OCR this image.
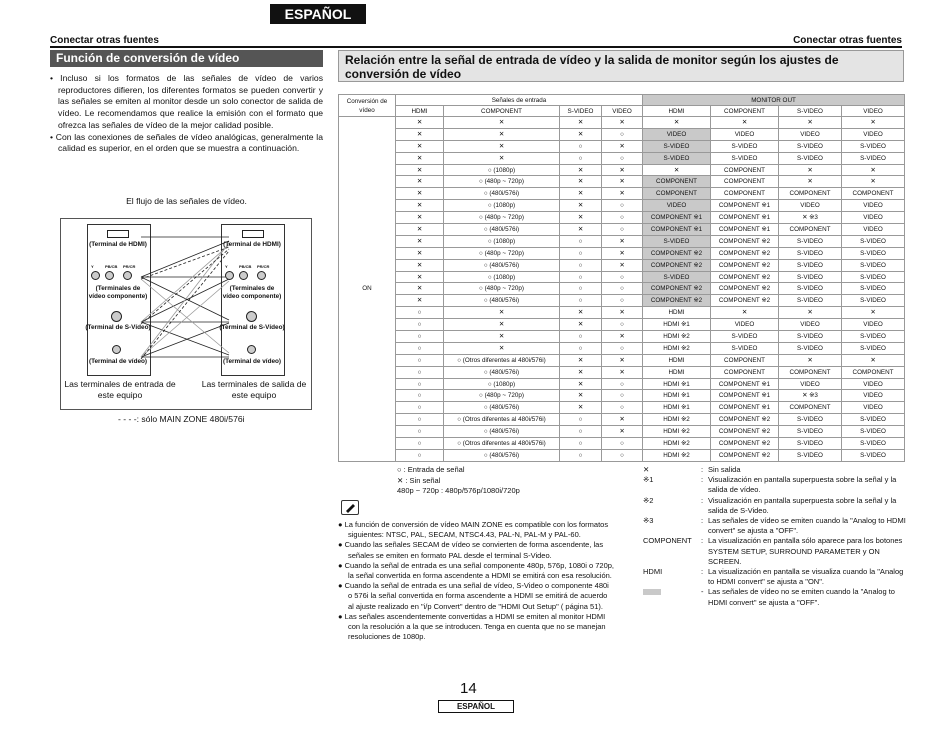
ESPAÑOL
Conectar otras fuentes	Conectar otras fuentes
Función de conversión de vídeo

• Incluso si los formatos de las señales de vídeo de varios reproductores difieren, los diferentes formatos se pueden convertir y las señales se emiten al monitor desde un solo conector de salida de vídeo. Le recomendamos que realice la emisión con el formato que ofrezca las señales de vídeo de la mejor calidad posible.

• Con las conexiones de señales de vídeo analógicas, generalmente la calidad es superior, en el orden que se muestra a continuación.

El flujo de las señales de vídeo.
(Terminal de HDMI)
Y	PB/CB PR/CR
(Terminales de vídeo componente)
(Terminal de S-Vídeo)
(Terminal de vídeo)
(Terminal de HDMI)
Y	PB/CB PR/CR
(Terminales de vídeo componente)
(Terminal de S-Vídeo)
(Terminal de vídeo)
Las terminales de entrada de este equipo
Las terminales de salida de este equipo
- - - -: sólo MAIN ZONE 480i/576i
Relación entre la señal de entrada de vídeo y la salida de monitor según los ajustes de conversión de vídeo
Conversión de vídeo	Señales de entrada				MONITOR OUT			
	HDMI	COMPONENT	S-VIDEO	VIDEO	HDMI	COMPONENT	S-VIDEO	VIDEO
ON	✕	✕	✕	✕	✕	✕	✕	✕
	✕	✕	✕	○	VIDEO	VIDEO	VIDEO	VIDEO
	✕	✕	○	✕	S-VIDEO	S-VIDEO	S-VIDEO	S-VIDEO
	✕	✕	○	○	S-VIDEO	S-VIDEO	S-VIDEO	S-VIDEO
	✕	○ (1080p)	✕	✕	✕	COMPONENT	✕	✕
	✕	○ (480p ~ 720p)	✕	✕	COMPONENT	COMPONENT	✕	✕
	✕	○ (480i/576i)	✕	✕	COMPONENT	COMPONENT	COMPONENT	COMPONENT
	✕	○ (1080p)	✕	○	VIDEO	COMPONENT ※1	VIDEO	VIDEO
	✕	○ (480p ~ 720p)	✕	○	COMPONENT ※1	COMPONENT ※1	✕ ※3	VIDEO
	✕	○ (480i/576i)	✕	○	COMPONENT ※1	COMPONENT ※1	COMPONENT	VIDEO
	✕	○ (1080p)	○	✕	S-VIDEO	COMPONENT ※2	S-VIDEO	S-VIDEO
	✕	○ (480p ~ 720p)	○	✕	COMPONENT ※2	COMPONENT ※2	S-VIDEO	S-VIDEO
	✕	○ (480i/576i)	○	✕	COMPONENT ※2	COMPONENT ※2	S-VIDEO	S-VIDEO
	✕	○ (1080p)	○	○	S-VIDEO	COMPONENT ※2	S-VIDEO	S-VIDEO
	✕	○ (480p ~ 720p)	○	○	COMPONENT ※2	COMPONENT ※2	S-VIDEO	S-VIDEO
	✕	○ (480i/576i)	○	○	COMPONENT ※2	COMPONENT ※2	S-VIDEO	S-VIDEO
	○	✕	✕	✕	HDMI	✕	✕	✕
	○	✕	✕	○	HDMI ※1	VIDEO	VIDEO	VIDEO
	○	✕	○	✕	HDMI ※2	S-VIDEO	S-VIDEO	S-VIDEO
	○	✕	○	○	HDMI ※2	S-VIDEO	S-VIDEO	S-VIDEO
	○	○ (Otros diferentes al 480i/576i)	✕	✕	HDMI	COMPONENT	✕	✕
	○	○ (480i/576i)	✕	✕	HDMI	COMPONENT	COMPONENT	COMPONENT
	○	○ (1080p)	✕	○	HDMI ※1	COMPONENT ※1	VIDEO	VIDEO
	○	○ (480p ~ 720p)	✕	○	HDMI ※1	COMPONENT ※1	✕ ※3	VIDEO
	○	○ (480i/576i)	✕	○	HDMI ※1	COMPONENT ※1	COMPONENT	VIDEO
	○	○ (Otros diferentes al 480i/576i)	○	✕	HDMI ※2	COMPONENT ※2	S-VIDEO	S-VIDEO
	○	○ (480i/576i)	○	✕	HDMI ※2	COMPONENT ※2	S-VIDEO	S-VIDEO
	○	○ (Otros diferentes al 480i/576i)	○	○	HDMI ※2	COMPONENT ※2	S-VIDEO	S-VIDEO
	○	○ (480i/576i)	○	○	HDMI ※2	COMPONENT ※2	S-VIDEO	S-VIDEO
○ : Entrada de señal
✕ : Sin señal
480p ~ 720p : 480p/576p/1080i/720p

● La función de conversión de vídeo MAIN ZONE es compatible con los formatos siguientes: NTSC, PAL, SECAM, NTSC4.43, PAL-N, PAL-M y PAL-60.

● Cuando las señales SECAM de vídeo se convierten de forma ascendente, las señales se emiten en formato PAL desde el terminal S-Video.

● Cuando la señal de entrada es una señal componente 480p, 576p, 1080i o 720p, la señal convertida en forma ascendente a HDMI se emitirá con esa resolución.

● Cuando la señal de entrada es una señal de vídeo, S-Video o componente 480i o 576i la señal convertida en forma ascendente a HDMI se emitirá de acuerdo al ajuste realizado en "i/p Convert" dentro de "HDMI Out Setup" ( página 51).

● Las señales ascendentemente convertidas a HDMI se emiten al monitor HDMI con la resolución a la que se introducen. Tenga en cuenta que no se manejan resoluciones de 1080p.

✕	: Sin salida
※1	: Visualización en pantalla superpuesta sobre la señal y la salida de vídeo.
※2	: Visualización en pantalla superpuesta sobre la señal y la salida de S-Video.
※3	: Las señales de vídeo se emiten cuando la "Analog to HDMI convert" se ajusta a "OFF".
COMPONENT	: La visualización en pantalla sólo aparece para los botones SYSTEM SETUP, SURROUND PARAMETER y ON SCREEN.
HDMI	: La visualización en pantalla se visualiza cuando la "Analog to HDMI convert" se ajusta a "ON".
- Las señales de vídeo no se emiten cuando la "Analog to HDMI convert" se ajusta a "OFF".
14
ESPAÑOL
